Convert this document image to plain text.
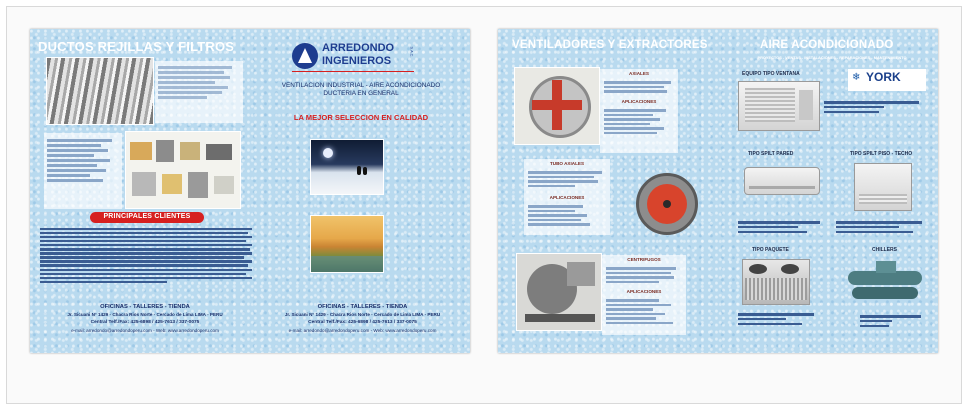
DUCTOS REJILLAS Y FILTROS
PRINCIPALES CLIENTES
OFICINAS - TALLERES - TIENDA
Jr. Sicuani N° 1429 - Chacra Rios Norte - Cercado de Lima LIMA - PERU
Central Telf./Fax: 425-6898 / 425-7613 / 337-0075
e-mail: arredondo@arredondoperu.com - Web: www.arredondoperu.com
ARREDONDO
INGENIEROS
S.A.C.
VENTILACION INDUSTRIAL - AIRE ACONDICIONADO
DUCTERIA EN GENERAL
LA MEJOR SELECCION EN CALIDAD
OFICINAS - TALLERES - TIENDA
Jr. Sicuani N° 1429 - Chacra Rios Norte - Cercado de Lima LIMA - PERU
Central Telf./Fax: 425-6898 / 425-7613 / 337-0075
e-mail: arredondo@arredondoperu.com - Web: www.arredondoperu.com
VENTILADORES Y EXTRACTORES	AIRE ACONDICIONADO
PROYECTOS - VENTAS - INSTALACIONES - REPARACIONES - MANTENIMIENTO
AXIALES
APLICACIONES
TUBO AXIALES
APLICACIONES
CENTRIFUGOS
APLICACIONES
EQUIPO TIPO VENTANA	❄ YORK
TIPO SPILT PARED	TIPO SPILT PISO - TECHO
TIPO PAQUETE	CHILLERS
